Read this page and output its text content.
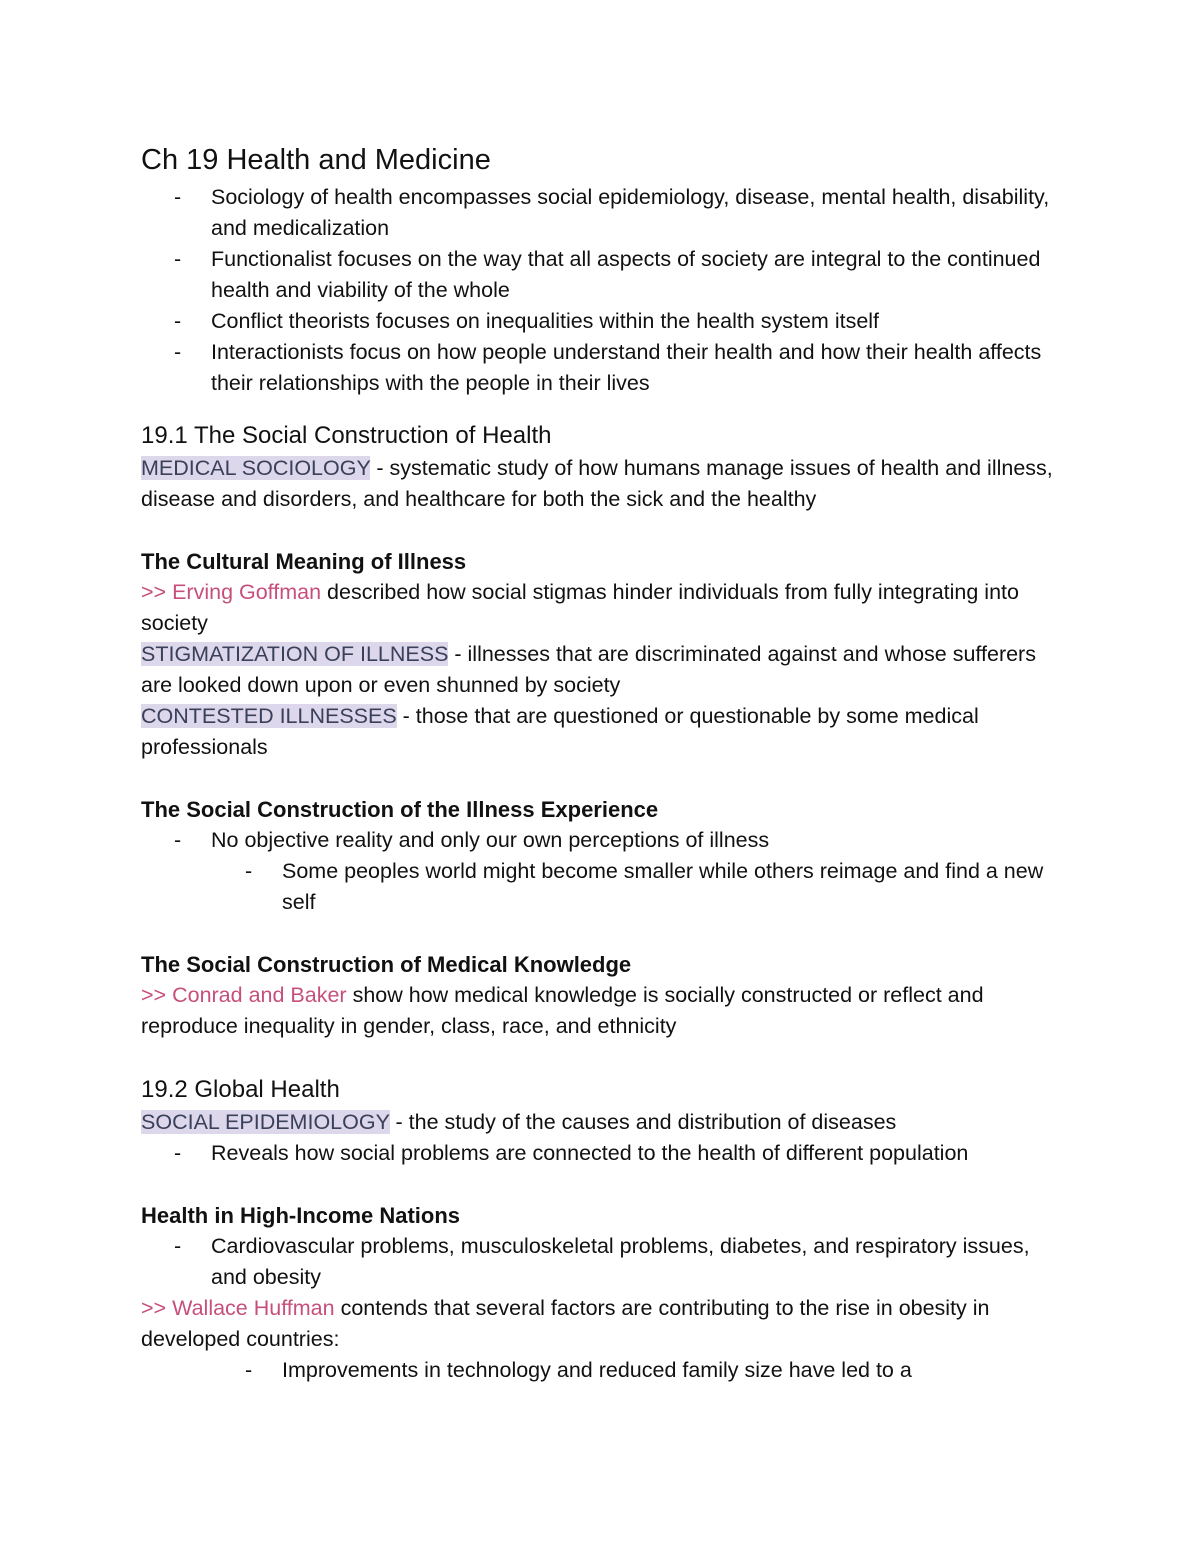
Ch 19 Health and Medicine
- Sociology of health encompasses social epidemiology, disease, mental health, disability, and medicalization
- Functionalist focuses on the way that all aspects of society are integral to the continued health and viability of the whole
- Conflict theorists focuses on inequalities within the health system itself
- Interactionists focus on how people understand their health and how their health affects their relationships with the people in their lives
19.1 The Social Construction of Health

MEDICAL SOCIOLOGY - systematic study of how humans manage issues of health and illness, disease and disorders, and healthcare for both the sick and the healthy

The Cultural Meaning of Illness

>> Erving Goffman described how social stigmas hinder individuals from fully integrating into society

STIGMATIZATION OF ILLNESS - illnesses that are discriminated against and whose sufferers are looked down upon or even shunned by society

CONTESTED ILLNESSES - those that are questioned or questionable by some medical professionals

The Social Construction of the Illness Experience
- No objective reality and only our own perceptions of illness
- Some peoples world might become smaller while others reimage and find a new self
The Social Construction of Medical Knowledge

>> Conrad and Baker show how medical knowledge is socially constructed or reflect and reproduce inequality in gender, class, race, and ethnicity

19.2 Global Health

SOCIAL EPIDEMIOLOGY - the study of the causes and distribution of diseases

- Reveals how social problems are connected to the health of different population
Health in High-Income Nations
- Cardiovascular problems, musculoskeletal problems, diabetes, and respiratory issues, and obesity

>> Wallace Huffman contends that several factors are contributing to the rise in obesity in developed countries:

- Improvements in technology and reduced family size have led to a
